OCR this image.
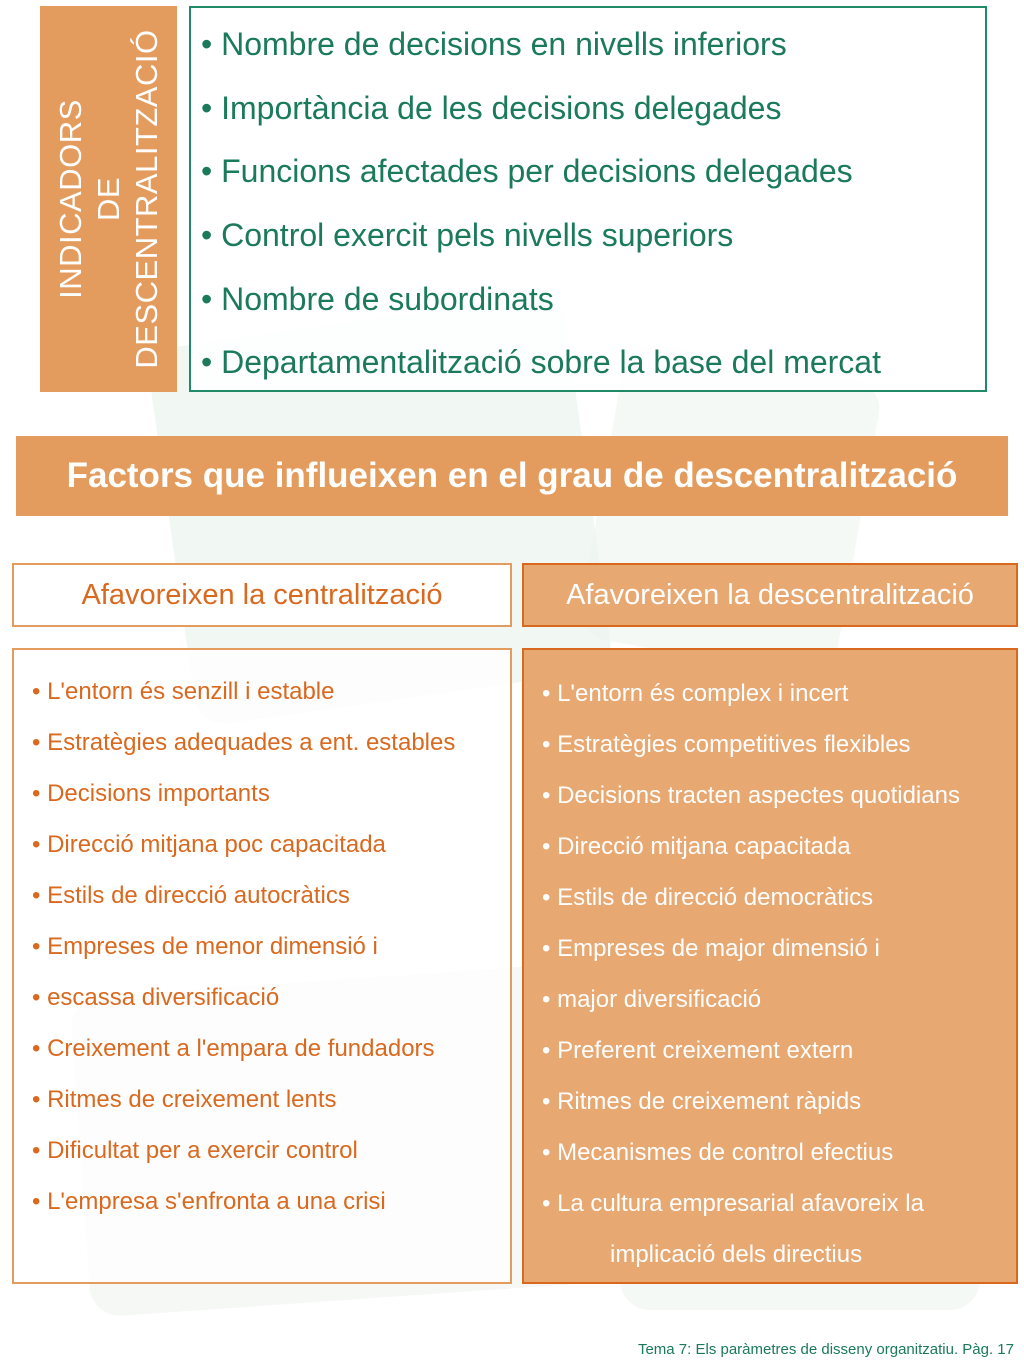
INDICADORS DE DESCENTRALITZACIÓ • Nombre de decisions en nivells inferiors
• Importància de les decisions delegades
• Funcions afectades per decisions delegades
• Control exercit pels nivells superiors
• Nombre de subordinats
• Departamentalització sobre la base del mercat
Factors que influeixen en el grau de descentralització
Afavoreixen la centralització	Afavoreixen la descentralització
• L'entorn és senzill i estable
• Estratègies adequades a ent. estables
• Decisions importants
• Direcció mitjana poc capacitada
• Estils de direcció autocràtics
• Empreses de menor dimensió i
• escassa diversificació
• Creixement a l'empara de fundadors
• Ritmes de creixement lents
• Dificultat per a exercir control
• L'empresa s'enfronta a una crisi
• L'entorn és complex i incert
• Estratègies competitives flexibles
• Decisions tracten aspectes quotidians
• Direcció mitjana capacitada
• Estils de direcció democràtics
• Empreses de major dimensió i
• major diversificació
• Preferent creixement extern
• Ritmes de creixement ràpids
• Mecanismes de control efectius
• La cultura empresarial afavoreix la
implicació dels directius
Tema 7: Els paràmetres de disseny organitzatiu. Pàg. 17
